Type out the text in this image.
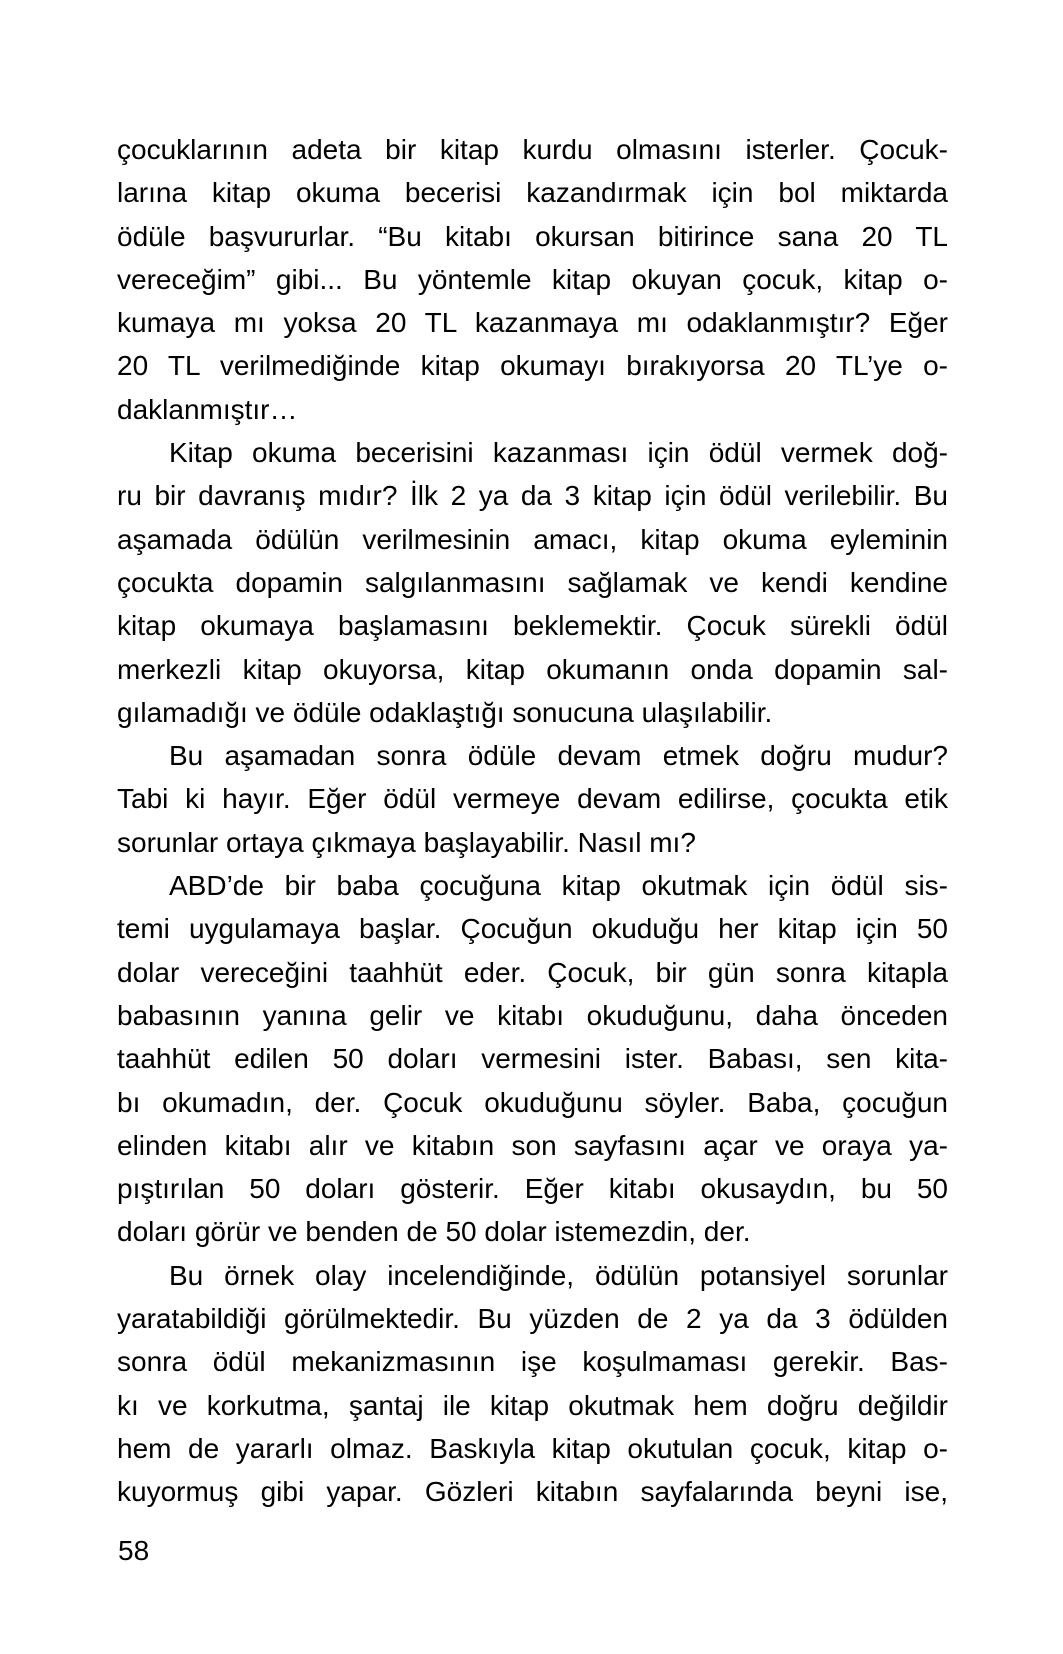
çocuklarının adeta bir kitap kurdu olmasını isterler. Çocuk-
larına kitap okuma becerisi kazandırmak için bol miktarda
ödüle başvururlar. “Bu kitabı okursan bitirince sana 20 TL
vereceğim” gibi... Bu yöntemle kitap okuyan çocuk, kitap o-
kumaya mı yoksa 20 TL kazanmaya mı odaklanmıştır? Eğer
20 TL verilmediğinde kitap okumayı bırakıyorsa 20 TL’ye o-
daklanmıştır…
Kitap okuma becerisini kazanması için ödül vermek doğ-
ru bir davranış mıdır? İlk 2 ya da 3 kitap için ödül verilebilir. Bu
aşamada ödülün verilmesinin amacı, kitap okuma eyleminin
çocukta dopamin salgılanmasını sağlamak ve kendi kendine
kitap okumaya başlamasını beklemektir. Çocuk sürekli ödül
merkezli kitap okuyorsa, kitap okumanın onda dopamin sal-
gılamadığı ve ödüle odaklaştığı sonucuna ulaşılabilir.
Bu aşamadan sonra ödüle devam etmek doğru mudur?
Tabi ki hayır. Eğer ödül vermeye devam edilirse, çocukta etik
sorunlar ortaya çıkmaya başlayabilir. Nasıl mı?
ABD’de bir baba çocuğuna kitap okutmak için ödül sis-
temi uygulamaya başlar. Çocuğun okuduğu her kitap için 50
dolar vereceğini taahhüt eder. Çocuk, bir gün sonra kitapla
babasının yanına gelir ve kitabı okuduğunu, daha önceden
taahhüt edilen 50 doları vermesini ister. Babası, sen kita-
bı okumadın, der. Çocuk okuduğunu söyler. Baba, çocuğun
elinden kitabı alır ve kitabın son sayfasını açar ve oraya ya-
pıştırılan 50 doları gösterir. Eğer kitabı okusaydın, bu 50
doları görür ve benden de 50 dolar istemezdin, der.
Bu örnek olay incelendiğinde, ödülün potansiyel sorunlar
yaratabildiği görülmektedir. Bu yüzden de 2 ya da 3 ödülden
sonra ödül mekanizmasının işe koşulmaması gerekir. Bas-
kı ve korkutma, şantaj ile kitap okutmak hem doğru değildir
hem de yararlı olmaz. Baskıyla kitap okutulan çocuk, kitap o-
kuyormuş gibi yapar. Gözleri kitabın sayfalarında beyni ise,
58
